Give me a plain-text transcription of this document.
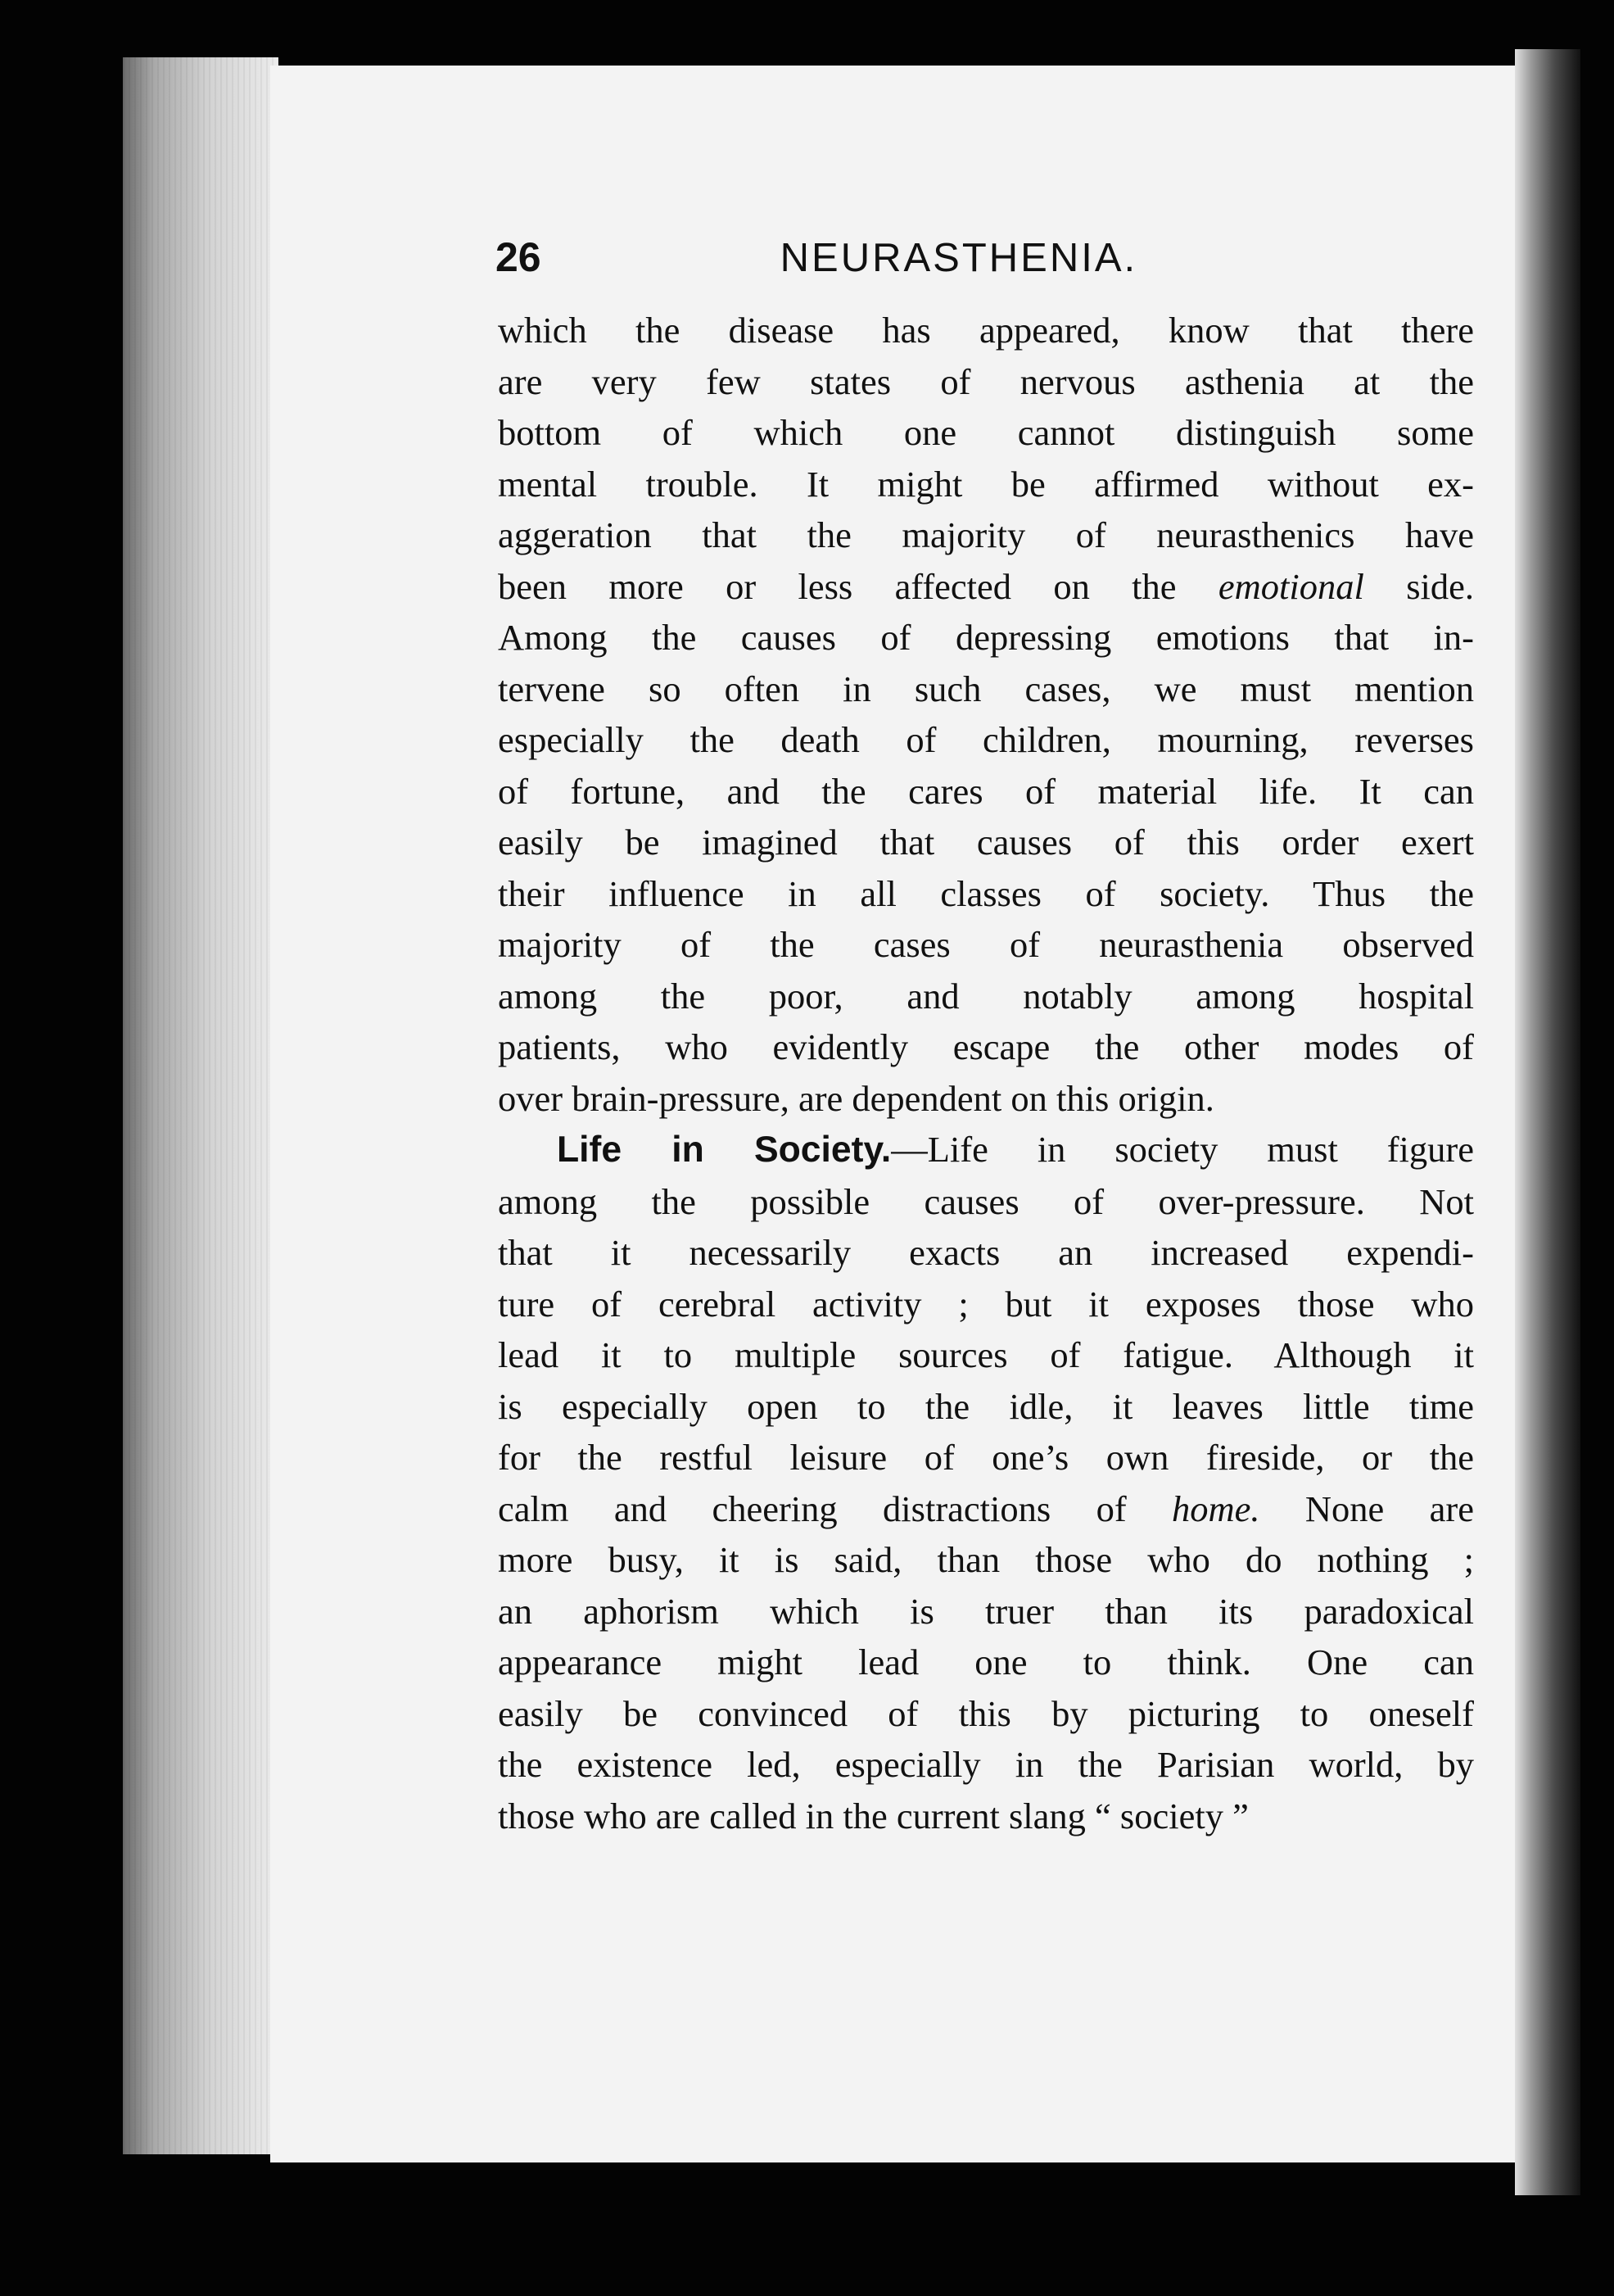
26	NEURASTHENIA.
which the disease has appeared, know that there
are very few states of nervous asthenia at the
bottom of which one cannot distinguish some
mental trouble. It might be affirmed without ex-
aggeration that the majority of neurasthenics have
been more or less affected on the emotional side.
Among the causes of depressing emotions that in-
tervene so often in such cases, we must mention
especially the death of children, mourning, reverses
of fortune, and the cares of material life. It can
easily be imagined that causes of this order exert
their influence in all classes of society. Thus the
majority of the cases of neurasthenia observed
among the poor, and notably among hospital
patients, who evidently escape the other modes of
over brain-pressure, are dependent on this origin.
Life in Society.—Life in society must figure
among the possible causes of over-pressure. Not
that it necessarily exacts an increased expendi-
ture of cerebral activity ; but it exposes those who
lead it to multiple sources of fatigue. Although it
is especially open to the idle, it leaves little time
for the restful leisure of one’s own fireside, or the
calm and cheering distractions of home. None are
more busy, it is said, than those who do nothing ;
an aphorism which is truer than its paradoxical
appearance might lead one to think. One can
easily be convinced of this by picturing to oneself
the existence led, especially in the Parisian world, by
those who are called in the current slang “ society ”
